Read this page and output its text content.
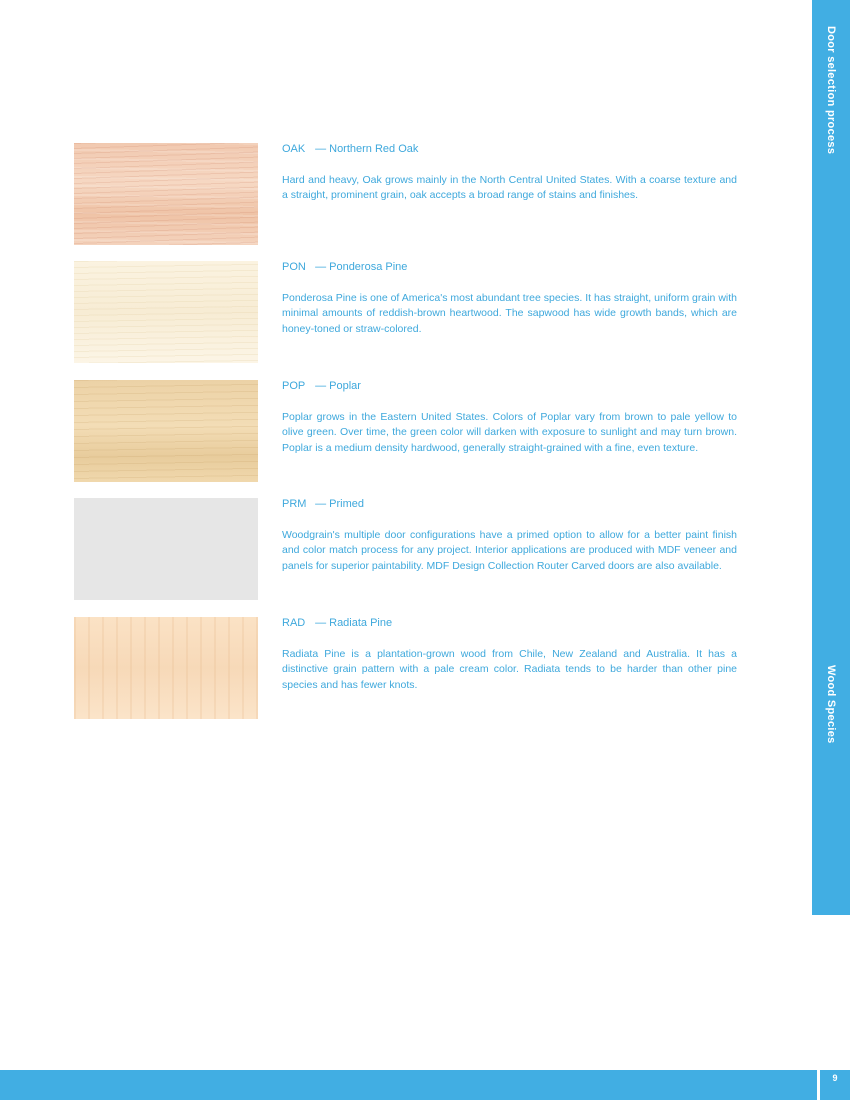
Door selection process
Wood Species
OAK — Northern Red Oak
Hard and heavy, Oak grows mainly in the North Central United States. With a coarse texture and a straight, prominent grain, oak accepts a broad range of stains and finishes.
PON — Ponderosa Pine
Ponderosa Pine is one of America's most abundant tree species. It has straight, uniform grain with minimal amounts of reddish-brown heartwood. The sapwood has wide growth bands, which are honey-toned or straw-colored.
POP — Poplar
Poplar grows in the Eastern United States. Colors of Poplar vary from brown to pale yellow to olive green. Over time, the green color will darken with exposure to sunlight and may turn brown. Poplar is a medium density hardwood, generally straight-grained with a fine, even texture.
PRM — Primed
Woodgrain's multiple door configurations have a primed option to allow for a better paint finish and color match process for any project. Interior applications are produced with MDF veneer and panels for superior paintability. MDF Design Collection Router Carved doors are also available.
RAD — Radiata Pine
Radiata Pine is a plantation-grown wood from Chile, New Zealand and Australia. It has a distinctive grain pattern with a pale cream color. Radiata tends to be harder than other pine species and has fewer knots.
9
